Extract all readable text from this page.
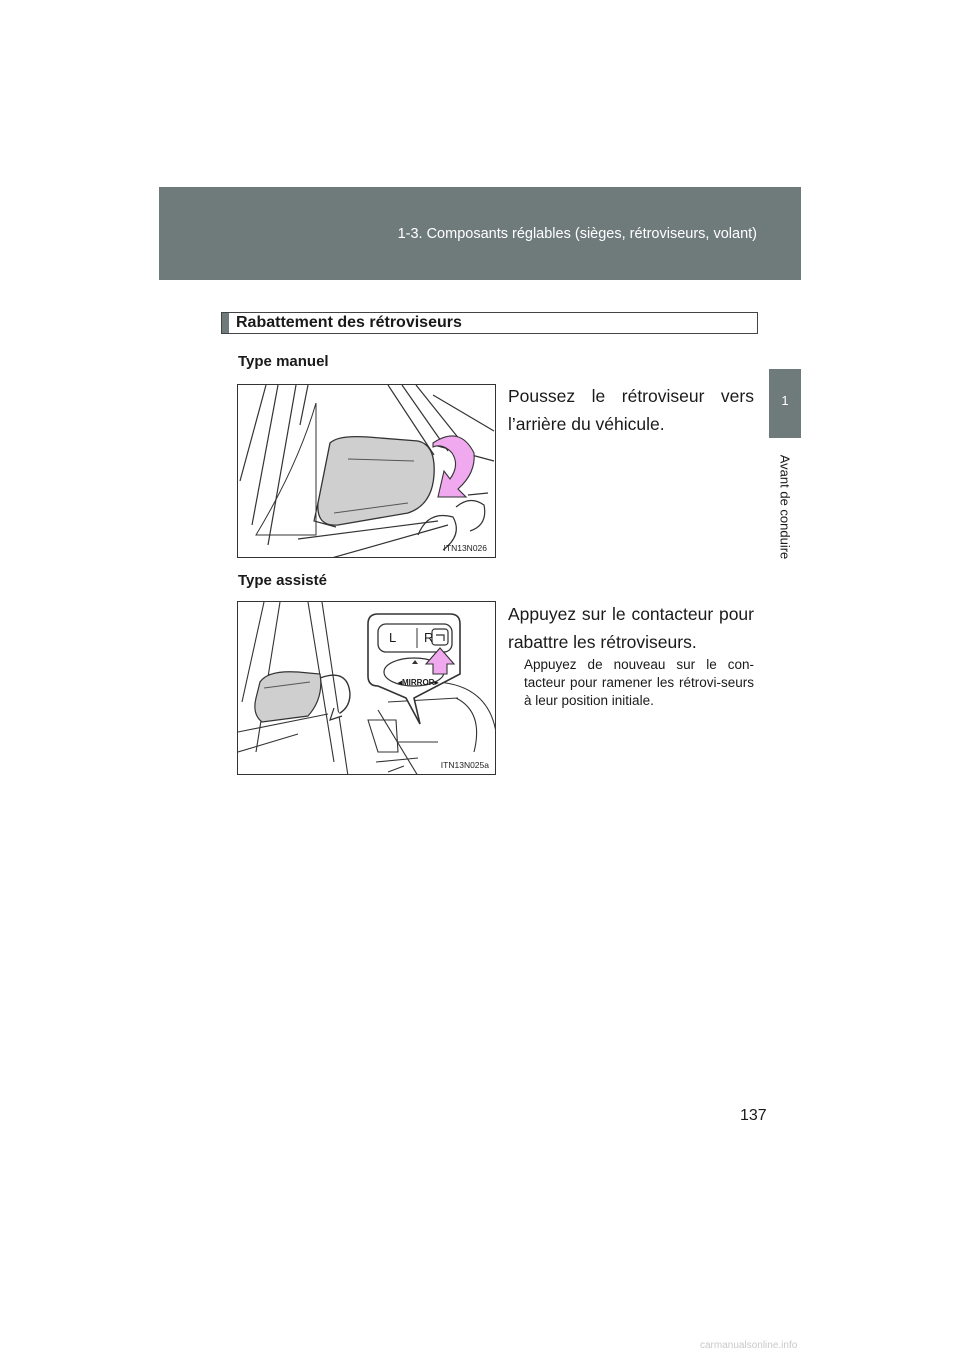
1-3. Composants réglables (sièges, rétroviseurs, volant)
1
Avant de conduire
Rabattement des rétroviseurs
Type manuel
ITN13N026
Poussez le rétroviseur vers l’arrière du véhicule.
Type assisté
L R
◂MIRROR▸
ITN13N025a
Appuyez sur le contacteur pour rabattre les rétroviseurs.
Appuyez de nouveau sur le con-tacteur pour ramener les rétrovi-seurs à leur position initiale.
137
carmanualsonline.info
